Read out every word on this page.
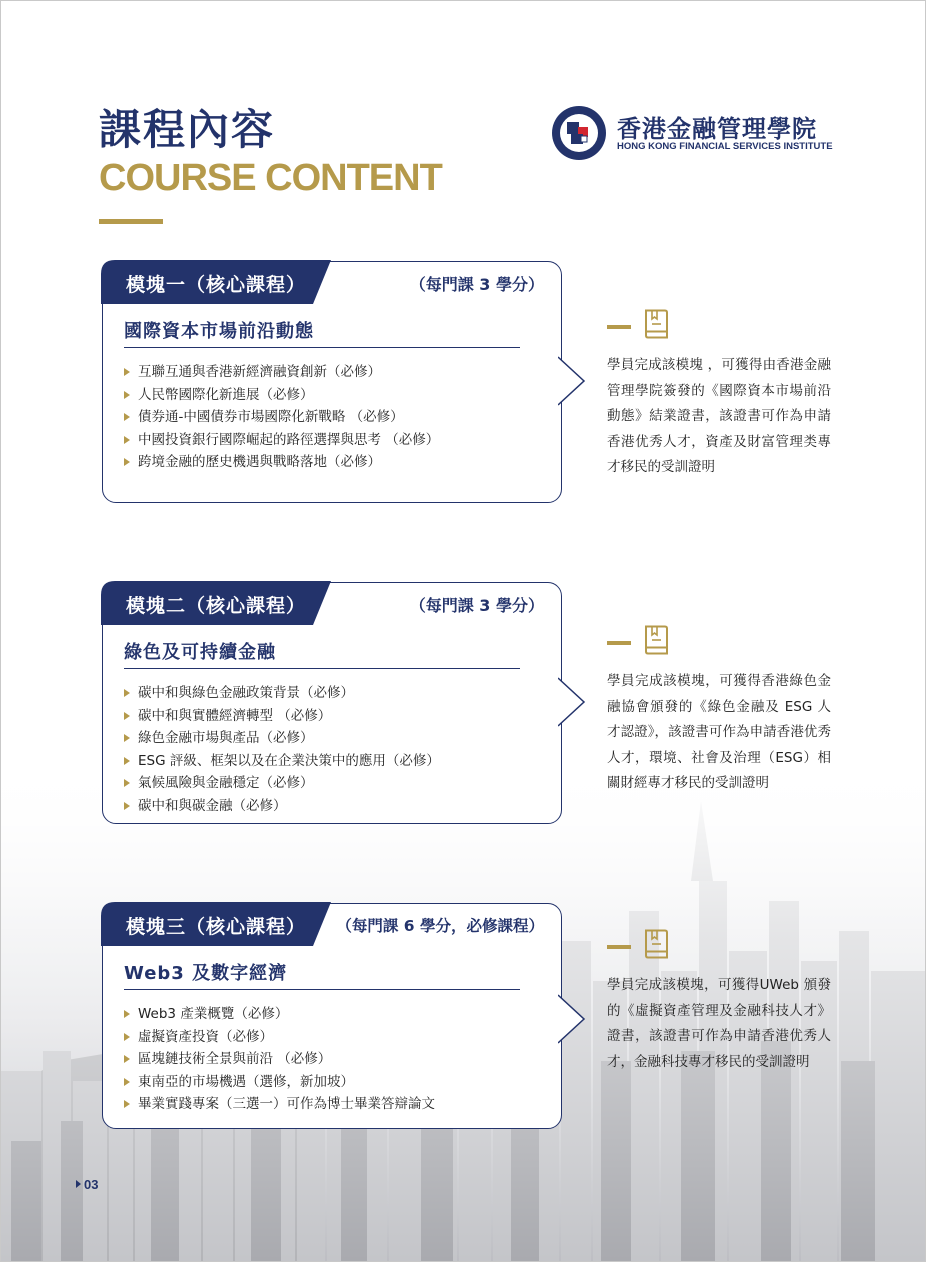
課程內容
COURSE CONTENT
香港金融管理學院
HONG KONG FINANCIAL SERVICES INSTITUTE
模塊一（核心課程）	（每門課 3 學分）
國際資本市場前沿動態
互聯互通與香港新經濟融資創新（必修）
人民幣國際化新進展（必修）
債券通-中國債券市場國際化新戰略 （必修）
中國投資銀行國際崛起的路徑選擇與思考 （必修）
跨境金融的歷史機遇與戰略落地（必修）

學員完成該模塊 ，可獲得由香港金融管理學院簽發的《國際資本市場前沿動態》結業證書，該證書可作為申請香港优秀人才，資產及財富管理类專才移民的受訓證明

模塊二（核心課程）	（每門課 3 學分）
綠色及可持續金融
碳中和與綠色金融政策背景（必修）
碳中和與實體經濟轉型 （必修）
綠色金融市場與產品（必修）
ESG 評級、框架以及在企業決策中的應用（必修）
氣候風險與金融穩定（必修）
碳中和與碳金融（必修）

學員完成該模塊，可獲得香港綠色金融協會頒發的《綠色金融及 ESG 人才認證》，該證書可作為申請香港优秀人才，環境、社會及治理（ESG）相關財經專才移民的受訓證明

模塊三（核心課程） （每門課 6 學分，必修課程）
Web3 及數字經濟
Web3 產業概覽（必修）
虛擬資產投資（必修）
區塊鏈技術全景與前沿 （必修）
東南亞的市場機遇（選修，新加坡）
畢業實踐專案（三選一）可作為博士畢業答辯論文

學員完成該模塊，可獲得UWeb 頒發的《虛擬資產管理及金融科技人才》證書，該證書可作為申請香港优秀人才，金融科技專才移民的受訓證明

03
